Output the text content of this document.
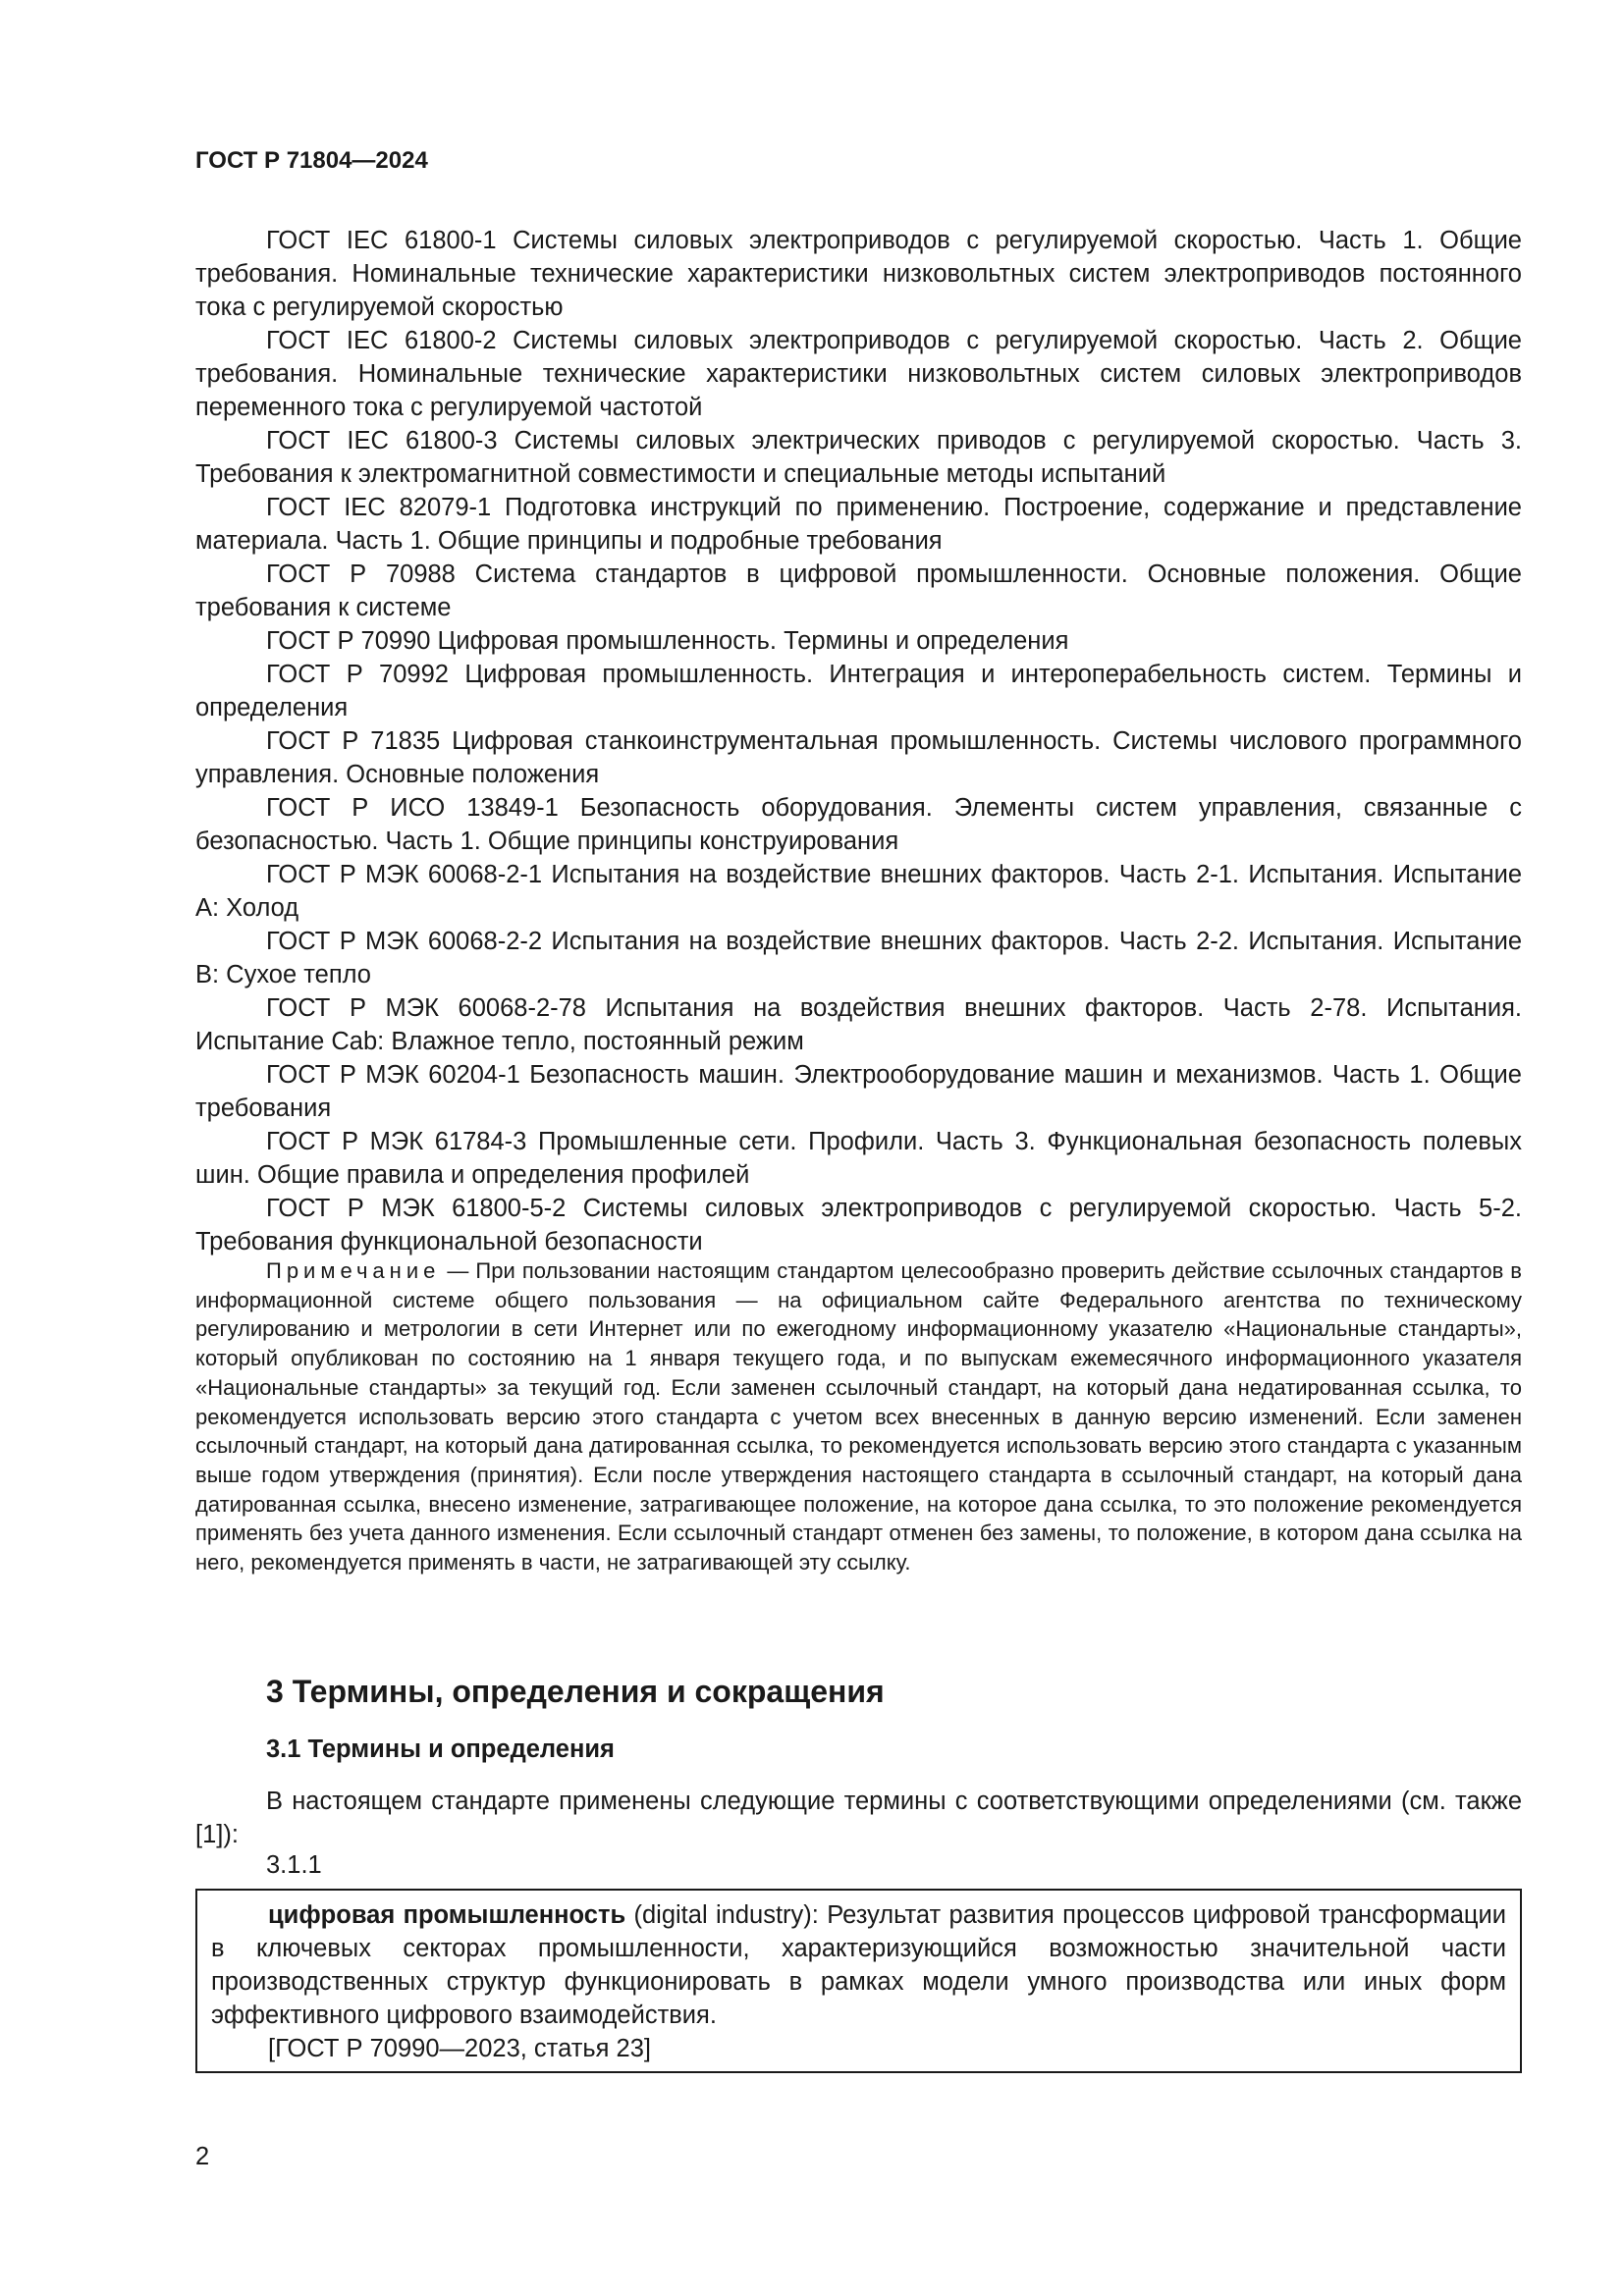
ГОСТ Р 71804—2024

ГОСТ IEC 61800-1 Системы силовых электроприводов с регулируемой скоростью. Часть 1. Общие требования. Номинальные технические характеристики низковольтных систем электроприводов постоянного тока с регулируемой скоростью

ГОСТ IEC 61800-2 Системы силовых электроприводов с регулируемой скоростью. Часть 2. Общие требования. Номинальные технические характеристики низковольтных систем силовых электроприводов переменного тока с регулируемой частотой

ГОСТ IEC 61800-3 Системы силовых электрических приводов с регулируемой скоростью. Часть 3. Требования к электромагнитной совместимости и специальные методы испытаний

ГОСТ IEC 82079-1 Подготовка инструкций по применению. Построение, содержание и представление материала. Часть 1. Общие принципы и подробные требования

ГОСТ Р 70988 Система стандартов в цифровой промышленности. Основные положения. Общие требования к системе

ГОСТ Р 70990 Цифровая промышленность. Термины и определения

ГОСТ Р 70992 Цифровая промышленность. Интеграция и интероперабельность систем. Термины и определения

ГОСТ Р 71835 Цифровая станкоинструментальная промышленность. Системы числового программного управления. Основные положения

ГОСТ Р ИСО 13849-1 Безопасность оборудования. Элементы систем управления, связанные с безопасностью. Часть 1. Общие принципы конструирования

ГОСТ Р МЭК 60068-2-1 Испытания на воздействие внешних факторов. Часть 2-1. Испытания. Испытание А: Холод

ГОСТ Р МЭК 60068-2-2 Испытания на воздействие внешних факторов. Часть 2-2. Испытания. Испытание В: Сухое тепло

ГОСТ Р МЭК 60068-2-78 Испытания на воздействия внешних факторов. Часть 2-78. Испытания. Испытание Cab: Влажное тепло, постоянный режим

ГОСТ Р МЭК 60204-1 Безопасность машин. Электрооборудование машин и механизмов. Часть 1. Общие требования

ГОСТ Р МЭК 61784-3 Промышленные сети. Профили. Часть 3. Функциональная безопасность полевых шин. Общие правила и определения профилей

ГОСТ Р МЭК 61800-5-2 Системы силовых электроприводов с регулируемой скоростью. Часть 5-2. Требования функциональной безопасности

Примечание — При пользовании настоящим стандартом целесообразно проверить действие ссылочных стандартов в информационной системе общего пользования — на официальном сайте Федерального агентства по техническому регулированию и метрологии в сети Интернет или по ежегодному информационному указателю «Национальные стандарты», который опубликован по состоянию на 1 января текущего года, и по выпускам ежемесячного информационного указателя «Национальные стандарты» за текущий год. Если заменен ссылочный стандарт, на который дана недатированная ссылка, то рекомендуется использовать версию этого стандарта с учетом всех внесенных в данную версию изменений. Если заменен ссылочный стандарт, на который дана датированная ссылка, то рекомендуется использовать версию этого стандарта с указанным выше годом утверждения (принятия). Если после утверждения настоящего стандарта в ссылочный стандарт, на который дана датированная ссылка, внесено изменение, затрагивающее положение, на которое дана ссылка, то это положение рекомендуется применять без учета данного изменения. Если ссылочный стандарт отменен без замены, то положение, в котором дана ссылка на него, рекомендуется применять в части, не затрагивающей эту ссылку.

3 Термины, определения и сокращения
3.1 Термины и определения

В настоящем стандарте применены следующие термины с соответствующими определениями (см. также [1]):

3.1.1

цифровая промышленность (digital industry): Результат развития процессов цифровой трансформации в ключевых секторах промышленности, характеризующийся возможностью значительной части производственных структур функционировать в рамках модели умного производства или иных форм эффективного цифрового взаимодействия.

[ГОСТ Р 70990—2023, статья 23]

2
